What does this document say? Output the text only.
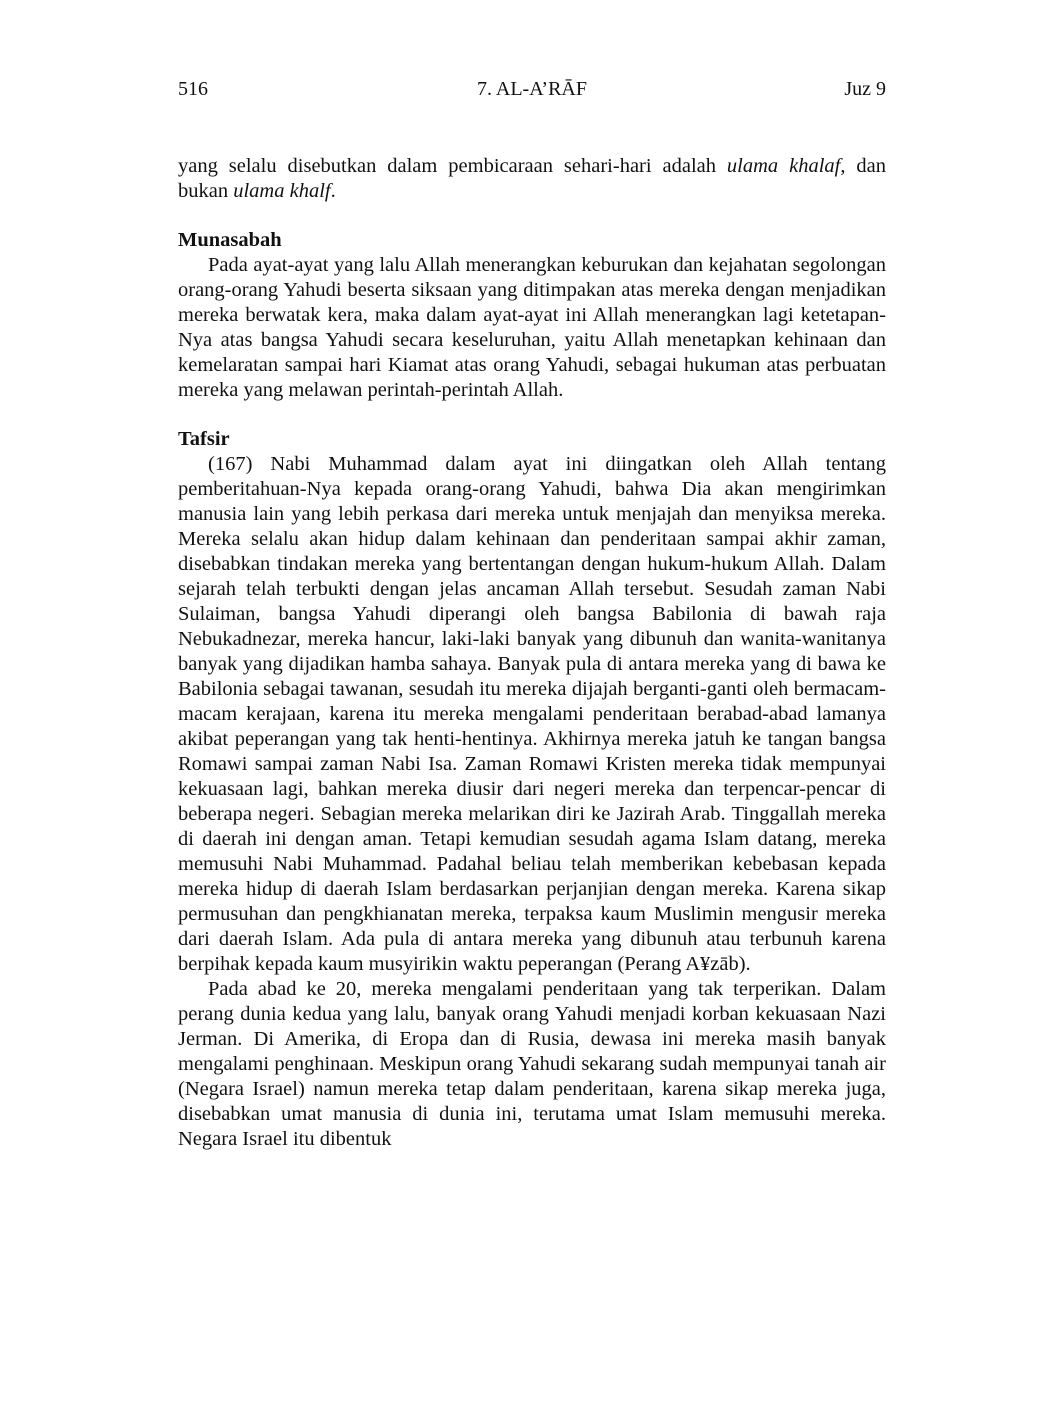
516	7. AL-A’RĀF	Juz 9

yang selalu disebutkan dalam pembicaraan sehari-hari adalah ulama khalaf, dan bukan ulama khalf.

Munasabah

Pada ayat-ayat yang lalu Allah menerangkan keburukan dan kejahatan segolongan orang-orang Yahudi beserta siksaan yang ditimpakan atas mereka dengan menjadikan mereka berwatak kera, maka dalam ayat-ayat ini Allah menerangkan lagi ketetapan-Nya atas bangsa Yahudi secara keseluruhan, yaitu Allah menetapkan kehinaan dan kemelaratan sampai hari Kiamat atas orang Yahudi, sebagai hukuman atas perbuatan mereka yang melawan perintah-perintah Allah.

Tafsir

(167) Nabi Muhammad dalam ayat ini diingatkan oleh Allah tentang pemberitahuan-Nya kepada orang-orang Yahudi, bahwa Dia akan mengirimkan manusia lain yang lebih perkasa dari mereka untuk menjajah dan menyiksa mereka. Mereka selalu akan hidup dalam kehinaan dan penderitaan sampai akhir zaman, disebabkan tindakan mereka yang bertentangan dengan hukum-hukum Allah. Dalam sejarah telah terbukti dengan jelas ancaman Allah tersebut. Sesudah zaman Nabi Sulaiman, bangsa Yahudi diperangi oleh bangsa Babilonia di bawah raja Nebukadnezar, mereka hancur, laki-laki banyak yang dibunuh dan wanita-wanitanya banyak yang dijadikan hamba sahaya. Banyak pula di antara mereka yang di bawa ke Babilonia sebagai tawanan, sesudah itu mereka dijajah berganti-ganti oleh bermacam-macam kerajaan, karena itu mereka mengalami penderitaan berabad-abad lamanya akibat peperangan yang tak henti-hentinya. Akhirnya mereka jatuh ke tangan bangsa Romawi sampai zaman Nabi Isa. Zaman Romawi Kristen mereka tidak mempunyai kekuasaan lagi, bahkan mereka diusir dari negeri mereka dan terpencar-pencar di beberapa negeri. Sebagian mereka melarikan diri ke Jazirah Arab. Tinggallah mereka di daerah ini dengan aman. Tetapi kemudian sesudah agama Islam datang, mereka memusuhi Nabi Muhammad. Padahal beliau telah memberikan kebebasan kepada mereka hidup di daerah Islam berdasarkan perjanjian dengan mereka. Karena sikap permusuhan dan pengkhianatan mereka, terpaksa kaum Muslimin mengusir mereka dari daerah Islam. Ada pula di antara mereka yang dibunuh atau terbunuh karena berpihak kepada kaum musyirikin waktu peperangan (Perang A¥zāb).

Pada abad ke 20, mereka mengalami penderitaan yang tak terperikan. Dalam perang dunia kedua yang lalu, banyak orang Yahudi menjadi korban kekuasaan Nazi Jerman. Di Amerika, di Eropa dan di Rusia, dewasa ini mereka masih banyak mengalami penghinaan. Meskipun orang Yahudi sekarang sudah mempunyai tanah air (Negara Israel) namun mereka tetap dalam penderitaan, karena sikap mereka juga, disebabkan umat manusia di dunia ini, terutama umat Islam memusuhi mereka. Negara Israel itu dibentuk
